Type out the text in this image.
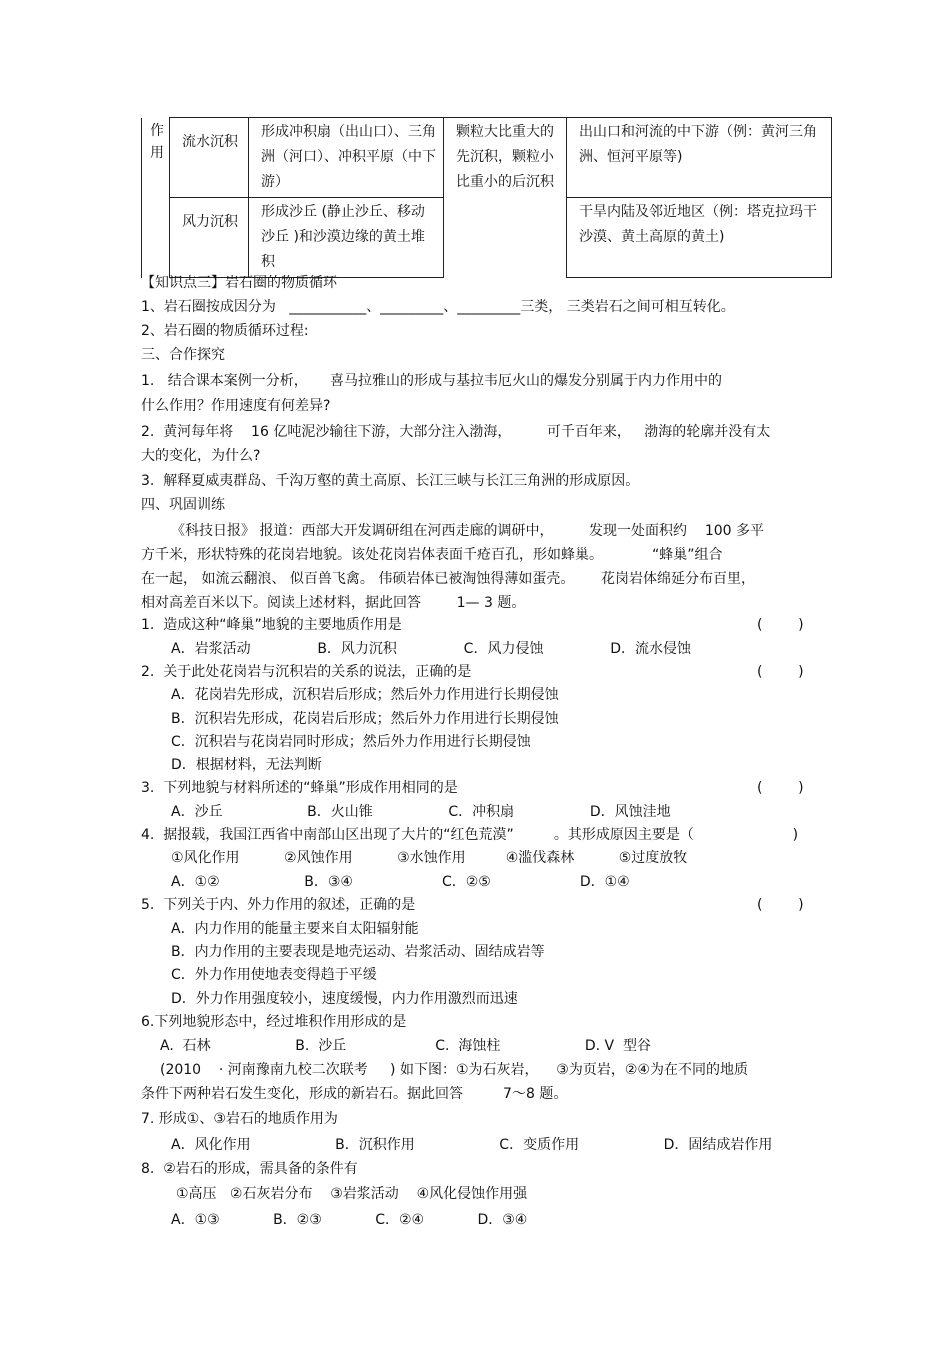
作用	流水沉积	形成冲积扇（出山口）、三角洲（河口）、冲积平原（中下游）	颗粒大比重大的先沉积，颗粒小比重小的后沉积	出山口和河流的中下游（例：黄河三角洲、恒河平原等)
	风力沉积	形成沙丘 (静止沙丘、移动沙丘 )和沙漠边缘的黄土堆积		干旱内陆及邻近地区（例：塔克拉玛干沙漠、黄土高原的黄土)
【知识点三】岩石圈的物质循环
1、岩石圈按成因分为   ___________、_________、_________三类， 三类岩石之间可相互转化。
2、岩石圈的物质循环过程:
三、合作探究
1.   结合课本案例一分析，     喜马拉雅山的形成与基拉韦厄火山的爆发分别属于内力作用中的
什么作用？作用速度有何差异?
2.  黄河每年将    16 亿吨泥沙输往下游，大部分注入渤海，        可千百年来，   渤海的轮廓并没有太
大的变化，为什么?
3.  解释夏威夷群岛、千沟万壑的黄土高原、长江三峡与长江三角洲的形成原因。
四、巩固训练
《科技日报》 报道：西部大开发调研组在河西走廊的调研中，        发现一处面积约    100 多平
方千米，形状特殊的花岗岩地貌。该处花岗岩体表面千疮百孔，形如蜂巢。           “蜂巢”组合
在一起， 如流云翻浪、 似百兽飞禽。 伟硕岩体已被淘蚀得薄如蛋壳。      花岗岩体绵延分布百里，
相对高差百米以下。阅读上述材料，据此回答        1— 3 题。
1.  造成这种“峰巢”地貌的主要地质作用是	(        )
A．岩浆活动               B．风力沉积               C．风力侵蚀               D．流水侵蚀
2.  关于此处花岗岩与沉积岩的关系的说法，正确的是	(        )
A．花岗岩先形成，沉积岩后形成；然后外力作用进行长期侵蚀
B．沉积岩先形成，花岗岩后形成；然后外力作用进行长期侵蚀
C．沉积岩与花岗岩同时形成；然后外力作用进行长期侵蚀
D．根据材料，无法判断
3.  下列地貌与材料所述的“蜂巢”形成作用相同的是	(        )
A．沙丘                   B．火山锥                 C．冲积扇                 D．风蚀洼地
4.  据报载，我国江西省中南部山区出现了大片的“红色荒漠”         。其形成原因主要是（	)
①风化作用          ②风蚀作用          ③水蚀作用         ④滥伐森林          ⑤过度放牧
A．①②                   B．③④                    C．②⑤                    D．①④
5.  下列关于内、外力作用的叙述，正确的是	(        )
A．内力作用的能量主要来自太阳辐射能
B．内力作用的主要表现是地壳运动、岩浆活动、固结成岩等
C．外力作用使地表变得趋于平缓
D．外力作用强度较小，速度缓慢，内力作用激烈而迅速
6.下列地貌形态中，经过堆积作用形成的是
A.  石林                   B.  沙丘                    C.  海蚀柱                   D. V  型谷
(2010    · 河南豫南九校二次联考     ) 如下图：①为石灰岩，    ③为页岩，②④为在不同的地质
条件下两种岩石发生变化，形成的新岩石。据此回答         7～8 题。
7. 形成①、③岩石的地质作用为
A．风化作用                   B．沉积作用                   C．变质作用                   D．固结成岩作用
8.  ②岩石的形成，需具备的条件有
①高压   ②石灰岩分布    ③岩浆活动    ④风化侵蚀作用强
A．①③            B．②③            C．②④            D．③④
